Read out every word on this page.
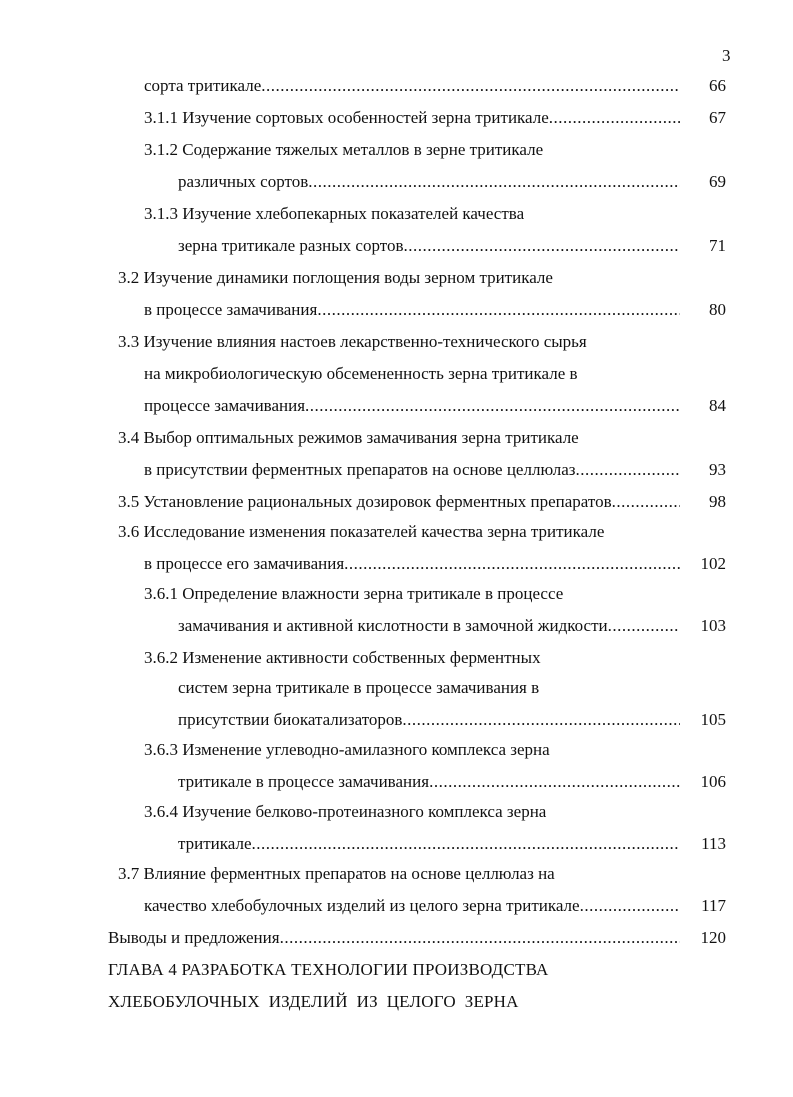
3
сорта тритикале .....	66
3.1.1 Изучение сортовых особенностей зерна тритикале .....	67
3.1.2 Содержание тяжелых металлов в зерне тритикале
различных сортов .....	69
3.1.3 Изучение хлебопекарных показателей качества
зерна тритикале разных сортов .....	71
3.2 Изучение динамики поглощения воды зерном тритикале
в процессе замачивания .....	80
3.3 Изучение влияния настоев лекарственно-технического сырья
на микробиологическую обсемененность зерна тритикале в
процессе замачивания .....	84
3.4 Выбор оптимальных режимов замачивания зерна тритикале
в присутствии ферментных препаратов на основе целлюлаз .....	93
3.5 Установление рациональных дозировок ферментных препаратов .....	98
3.6 Исследование изменения показателей качества зерна тритикале
в процессе его замачивания .....	102
3.6.1 Определение влажности зерна тритикале в процессе
замачивания и активной кислотности в замочной жидкости .....	103
3.6.2 Изменение активности собственных ферментных
систем зерна тритикале в процессе замачивания в
присутствии биокатализаторов .....	105
3.6.3 Изменение углеводно-амилазного комплекса зерна
тритикале в процессе замачивания .....	106
3.6.4 Изучение белково-протеиназного комплекса зерна
тритикале .....	113
3.7 Влияние ферментных препаратов на основе целлюлаз на
качество хлебобулочных изделий из целого зерна тритикале .....	117
Выводы и предложения .....	120
ГЛАВА 4 РАЗРАБОТКА ТЕХНОЛОГИИ ПРОИЗВОДСТВА
ХЛЕБОБУЛОЧНЫХ  ИЗДЕЛИЙ  ИЗ  ЦЕЛОГО  ЗЕРНА
